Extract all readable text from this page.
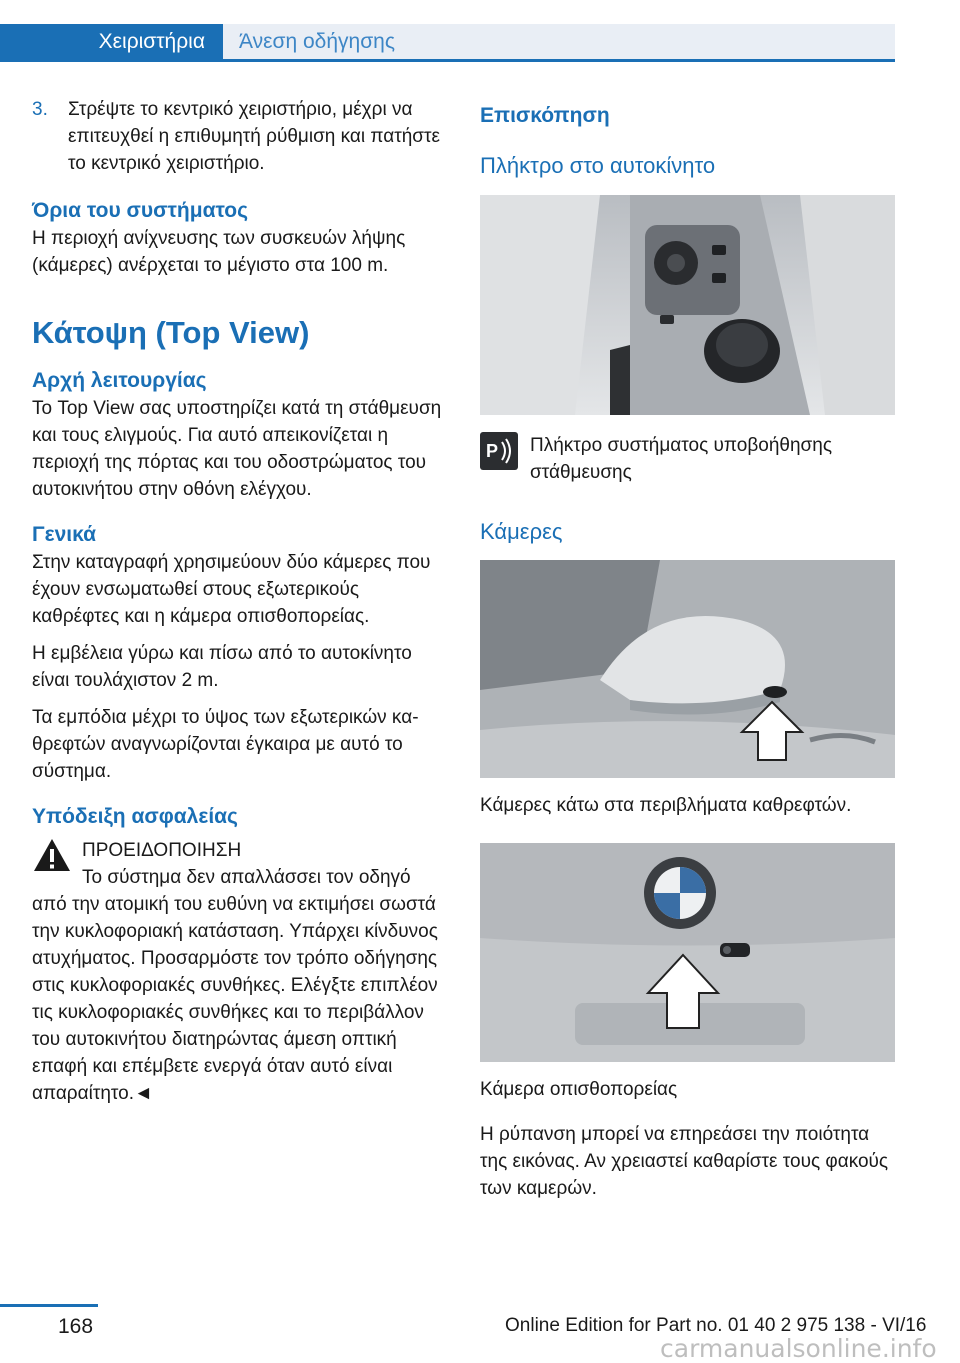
Χειριστήρια	Άνεση οδήγησης
3.	Στρέψτε το κεντρικό χειριστήριο, μέχρι να επιτευχθεί η επιθυμητή ρύθμιση και πατήστε το κεντρικό χειριστήριο.
Όρια του συστήματος

Η περιοχή ανίχνευσης των συσκευών λήψης (κάμερες) ανέρχεται το μέγιστο στα 100 m.

Κάτοψη (Top View)
Αρχή λειτουργίας

Το Top View σας υποστηρίζει κατά τη στάθμευση και τους ελιγμούς. Για αυτό απεικονίζεται η περιοχή της πόρτας και του οδοστρώματος του αυτοκινήτου στην οθόνη ελέγχου.

Γενικά

Στην καταγραφή χρησιμεύουν δύο κάμερες που έχουν ενσωματωθεί στους εξωτερικούς καθρέφτες και η κάμερα οπισθοπορείας.

Η εμβέλεια γύρω και πίσω από το αυτοκίνητο είναι τουλάχιστον 2 m.

Τα εμπόδια μέχρι το ύψος των εξωτερικών καθρεφτών αναγνωρίζονται έγκαιρα με αυτό το σύστημα.

Υπόδειξη ασφαλείας
ΠΡΟΕΙΔΟΠΟΙΗΣΗ
Το σύστημα δεν απαλλάσσει τον οδηγό

από την ατομική του ευθύνη να εκτιμήσει σωστά την κυκλοφοριακή κατάσταση. Υπάρχει κίνδυνος ατυχήματος. Προσαρμόστε τον τρόπο οδήγησης στις κυκλοφοριακές συνθήκες. Ελέγξτε επιπλέον τις κυκλοφοριακές συνθήκες και το περιβάλλον του αυτοκινήτου διατηρώντας άμεση οπτική επαφή και επέμβετε ενεργά όταν αυτό είναι απαραίτητο.◄

Επισκόπηση
Πλήκτρο στο αυτοκίνητο
P Πλήκτρο συστήματος υποβοήθησης στάθμευσης
Κάμερες
Κάμερες κάτω στα περιβλήματα καθρεφτών.
Κάμερα οπισθοπορείας
Η ρύπανση μπορεί να επηρεάσει την ποιότητα της εικόνας. Αν χρειαστεί καθαρίστε τους φακούς των καμερών.
168	Online Edition for Part no. 01 40 2 975 138 - VI/16
carmanualsonline.info
